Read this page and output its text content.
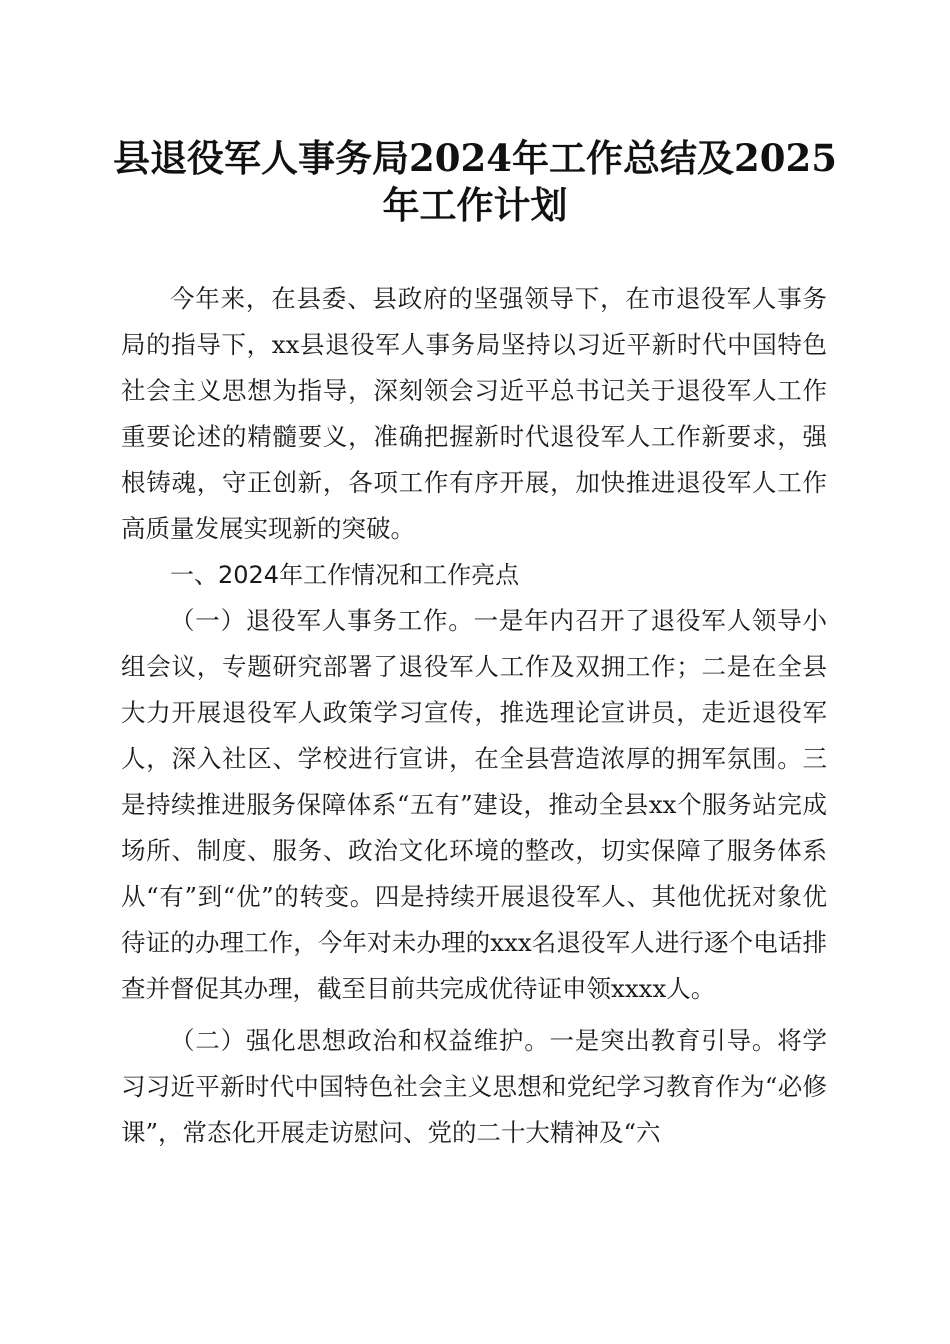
县退役军人事务局2024年工作总结及2025年工作计划

今年来，在县委、县政府的坚强领导下，在市退役军人事务局的指导下，xx县退役军人事务局坚持以习近平新时代中国特色社会主义思想为指导，深刻领会习近平总书记关于退役军人工作重要论述的精髓要义，准确把握新时代退役军人工作新要求，强根铸魂，守正创新，各项工作有序开展，加快推进退役军人工作高质量发展实现新的突破。

一、2024年工作情况和工作亮点

（一）退役军人事务工作。一是年内召开了退役军人领导小组会议，专题研究部署了退役军人工作及双拥工作；二是在全县大力开展退役军人政策学习宣传，推选理论宣讲员，走近退役军人，深入社区、学校进行宣讲，在全县营造浓厚的拥军氛围。三是持续推进服务保障体系“五有”建设，推动全县xx个服务站完成场所、制度、服务、政治文化环境的整改，切实保障了服务体系从“有”到“优”的转变。四是持续开展退役军人、其他优抚对象优待证的办理工作，今年对未办理的xxx名退役军人进行逐个电话排查并督促其办理，截至目前共完成优待证申领xxxx人。

（二）强化思想政治和权益维护。一是突出教育引导。将学习习近平新时代中国特色社会主义思想和党纪学习教育作为“必修课”，常态化开展走访慰问、党的二十大精神及“六
